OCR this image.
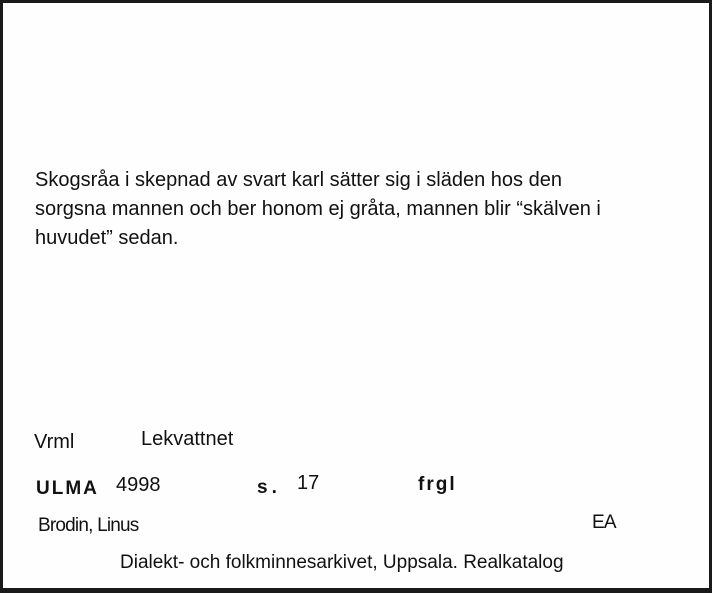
Skogsråa i skepnad av svart karl sätter sig i släden hos den
sorgsna mannen och ber honom ej gråta, mannen blir “skälven i
huvudet” sedan.
Vrml	Lekvattnet
ULMA 4998	s. 17	frgl
Brodin, Linus	EA
Dialekt- och folkminnesarkivet, Uppsala. Realkatalog
